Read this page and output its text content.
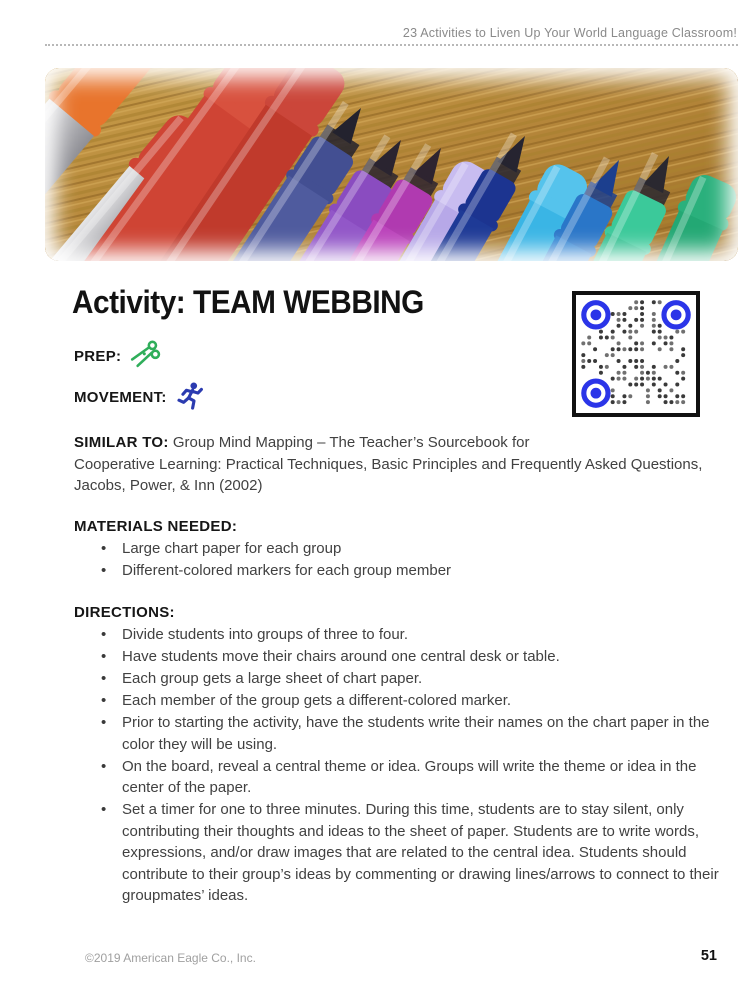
23 Activities to Liven Up Your World Language Classroom!
Activity: TEAM WEBBING
PREP:
MOVEMENT:
SIMILAR TO: Group Mind Mapping – The Teacher’s Sourcebook for
Cooperative Learning: Practical Techniques, Basic Principles and Frequently Asked Questions, Jacobs, Power, & Inn (2002)
MATERIALS NEEDED:
• Large chart paper for each group
• Different-colored markers for each group member
DIRECTIONS:
• Divide students into groups of three to four.
• Have students move their chairs around one central desk or table.
• Each group gets a large sheet of chart paper.
• Each member of the group gets a different-colored marker.
• Prior to starting the activity, have the students write their names on the chart paper in the color they will be using.
• On the board, reveal a central theme or idea. Groups will write the theme or idea in the center of the paper.
• Set a timer for one to three minutes. During this time, students are to stay silent, only contributing their thoughts and ideas to the sheet of paper. Students are to write words, expressions, and/or draw images that are related to the central idea. Students should contribute to their group’s ideas by commenting or drawing lines/arrows to connect to their groupmates’ ideas.
©2019 American Eagle Co., Inc.	51
